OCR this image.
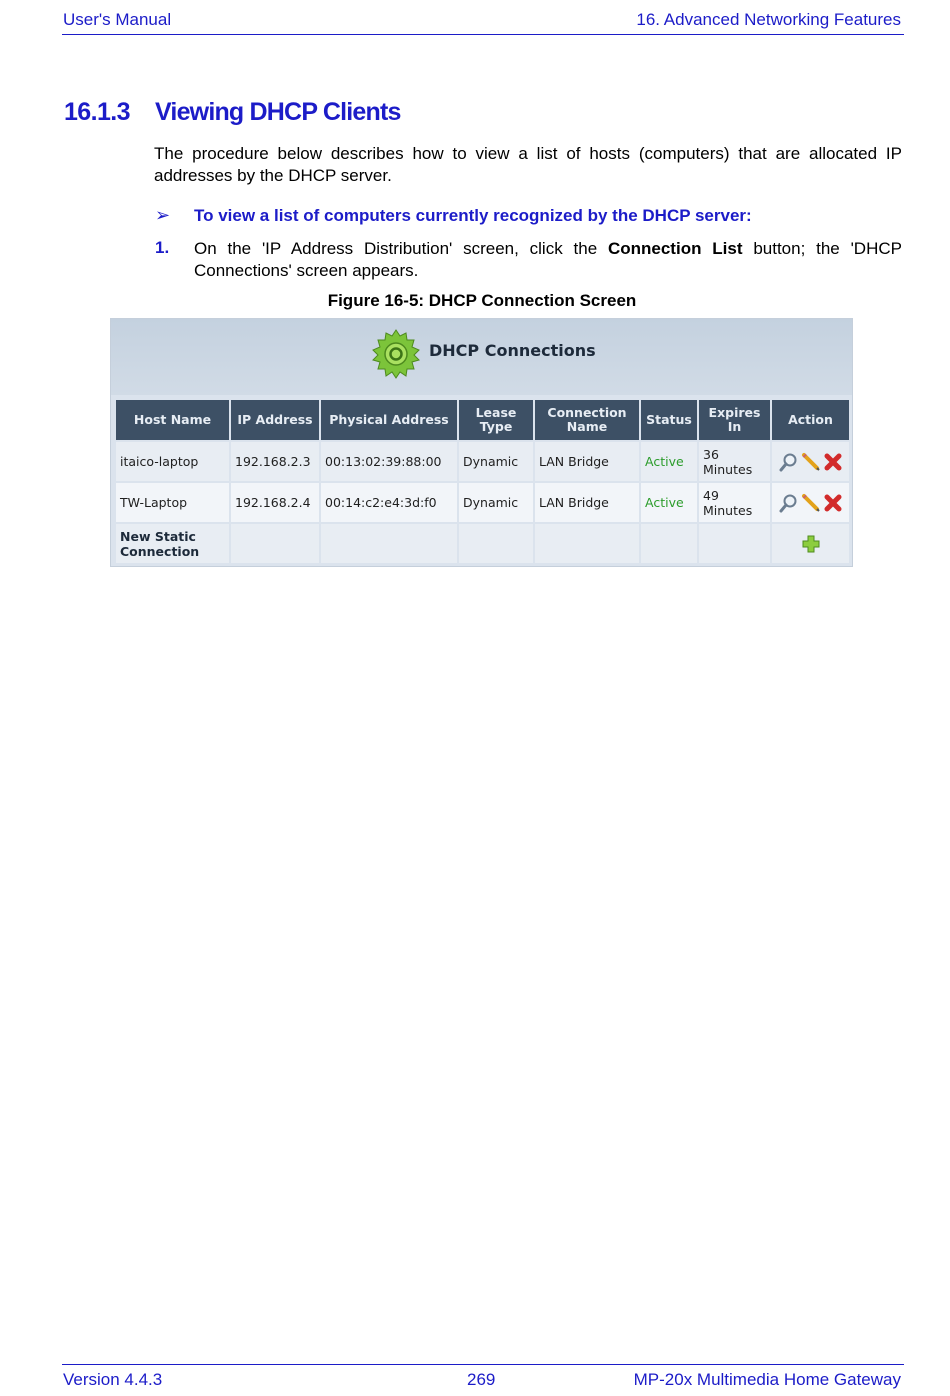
User's Manual	16. Advanced Networking Features
16.1.3 Viewing DHCP Clients

The procedure below describes how to view a list of hosts (computers) that are allocated IP addresses by the DHCP server.

➢ To view a list of computers currently recognized by the DHCP server:
1. On the 'IP Address Distribution' screen, click the Connection List button; the 'DHCP Connections' screen appears.
Figure 16-5: DHCP Connection Screen
DHCP Connections
Host Name	IP Address	Physical Address	Lease Type	Connection Name	Status	Expires In	Action
itaico-laptop	192.168.2.3	00:13:02:39:88:00	Dynamic	LAN Bridge	Active	36 Minutes	

TW-Laptop	192.168.2.4	00:14:c2:e4:3d:f0	Dynamic	LAN Bridge	Active	49 Minutes	

New Static Connection							
Version 4.4.3	269	MP-20x Multimedia Home Gateway
